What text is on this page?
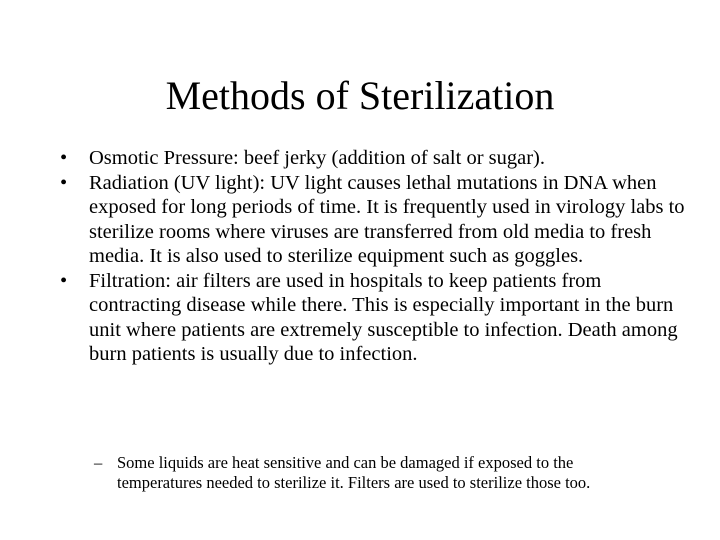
Methods of Sterilization
• Osmotic Pressure: beef jerky (addition of salt or sugar).
• Radiation (UV light): UV light causes lethal mutations in DNA when exposed for long periods of time. It is frequently used in virology labs to sterilize rooms where viruses are transferred from old media to fresh media. It is also used to sterilize equipment such as goggles.
• Filtration: air filters are used in hospitals to keep patients from contracting disease while there. This is especially important in the burn unit where patients are extremely susceptible to infection. Death among burn patients is usually due to infection.
– Some liquids are heat sensitive and can be damaged if exposed to the temperatures needed to sterilize it. Filters are used to sterilize those too.
